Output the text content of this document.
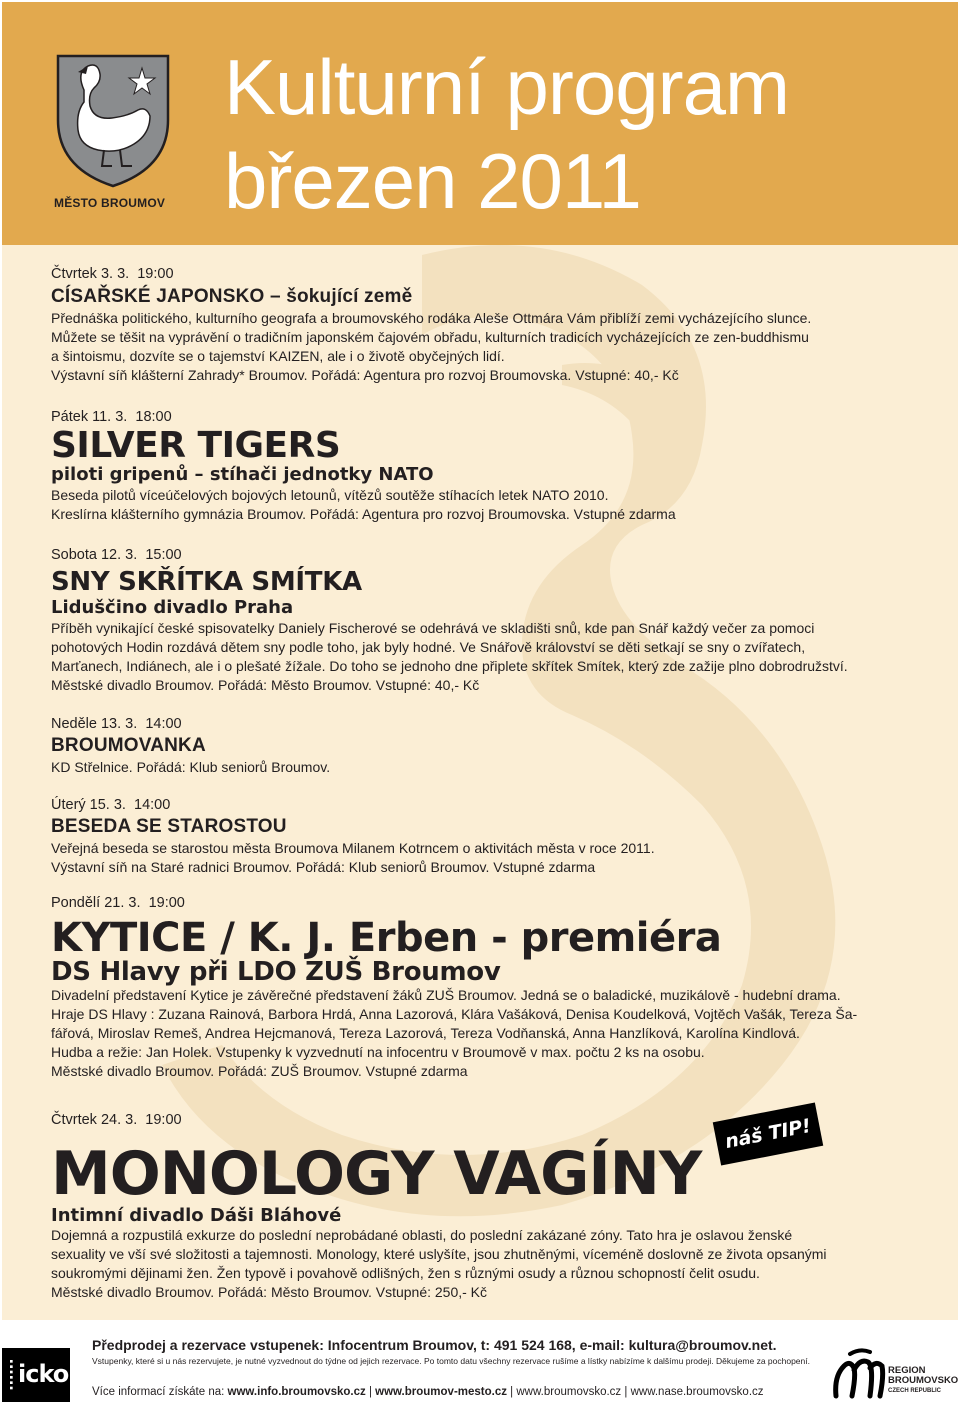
MĚSTO BROUMOV
Kulturní program
březen 2011
Čtvrtek 3. 3. 19:00
CÍSAŘSKÉ JAPONSKO – šokující země
Přednáška politického, kulturního geografa a broumovského rodáka Aleše Ottmára Vám přiblíží zemi vycházejícího slunce.
Můžete se těšit na vyprávění o tradičním japonském čajovém obřadu, kulturních tradicích vycházejících ze zen-buddhismu
a šintoismu, dozvíte se o tajemství KAIZEN, ale i o životě obyčejných lidí.
Výstavní síň klášterní Zahrady* Broumov. Pořádá: Agentura pro rozvoj Broumovska. Vstupné: 40,- Kč
Pátek 11. 3. 18:00
SILVER TIGERS
piloti gripenů – stíhači jednotky NATO
Beseda pilotů víceúčelových bojových letounů, vítězů soutěže stíhacích letek NATO 2010.
Kreslírna klášterního gymnázia Broumov. Pořádá: Agentura pro rozvoj Broumovska. Vstupné zdarma
Sobota 12. 3. 15:00
SNY SKŘÍTKA SMÍTKA
Liduščino divadlo Praha
Příběh vynikající české spisovatelky Daniely Fischerové se odehrává ve skladišti snů, kde pan Snář každý večer za pomoci
pohotových Hodin rozdává dětem sny podle toho, jak byly hodné. Ve Snářově království se děti setkají se sny o zvířatech,
Marťanech, Indiánech, ale i o plešaté žížale. Do toho se jednoho dne připlete skřítek Smítek, který zde zažije plno dobrodružství.
Městské divadlo Broumov. Pořádá: Město Broumov. Vstupné: 40,- Kč
Neděle 13. 3. 14:00
BROUMOVANKA
KD Střelnice. Pořádá: Klub seniorů Broumov.
Úterý 15. 3. 14:00
BESEDA SE STAROSTOU
Veřejná beseda se starostou města Broumova Milanem Kotrncem o aktivitách města v roce 2011.
Výstavní síň na Staré radnici Broumov. Pořádá: Klub seniorů Broumov. Vstupné zdarma
Pondělí 21. 3. 19:00
KYTICE / K. J. Erben - premiéra
DS Hlavy při LDO ZUŠ Broumov
Divadelní představení Kytice je závěrečné představení žáků ZUŠ Broumov. Jedná se o baladické, muzikálově - hudební drama.
Hraje DS Hlavy : Zuzana Rainová, Barbora Hrdá, Anna Lazorová, Klára Vašáková, Denisa Koudelková, Vojtěch Vašák, Tereza Ša-
fářová, Miroslav Remeš, Andrea Hejcmanová, Tereza Lazorová, Tereza Vodňanská, Anna Hanzlíková, Karolína Kindlová.
Hudba a režie: Jan Holek. Vstupenky k vyzvednutí na infocentru v Broumově v max. počtu 2 ks na osobu.
Městské divadlo Broumov. Pořádá: ZUŠ Broumov. Vstupné zdarma
Čtvrtek 24. 3. 19:00
MONOLOGY VAGÍNY
Intimní divadlo Dáši Bláhové
Dojemná a rozpustilá exkurze do poslední neprobádané oblasti, do poslední zakázané zóny. Tato hra je oslavou ženské
sexuality ve vší své složitosti a tajemnosti. Monology, které uslyšíte, jsou zhutněnými, víceméně doslovně ze života opsanými
soukromými dějinami žen. Žen typově i povahově odlišných, žen s různými osudy a různou schopností čelit osudu.
Městské divadlo Broumov. Pořádá: Město Broumov. Vstupné: 250,- Kč
náš TIP!
icko
Předprodej a rezervace vstupenek: Infocentrum Broumov, t: 491 524 168, e-mail: kultura@broumov.net.
Vstupenky, které si u nás rezervujete, je nutné vyzvednout do týdne od jejich rezervace. Po tomto datu všechny rezervace rušíme a lístky nabízíme k dalšímu prodeji. Děkujeme za pochopení.
Více informací získáte na: www.info.broumovsko.cz | www.broumov-mesto.cz | www.broumovsko.cz | www.nase.broumovsko.cz
REGION
BROUMOVSKO
CZECH REPUBLIC
